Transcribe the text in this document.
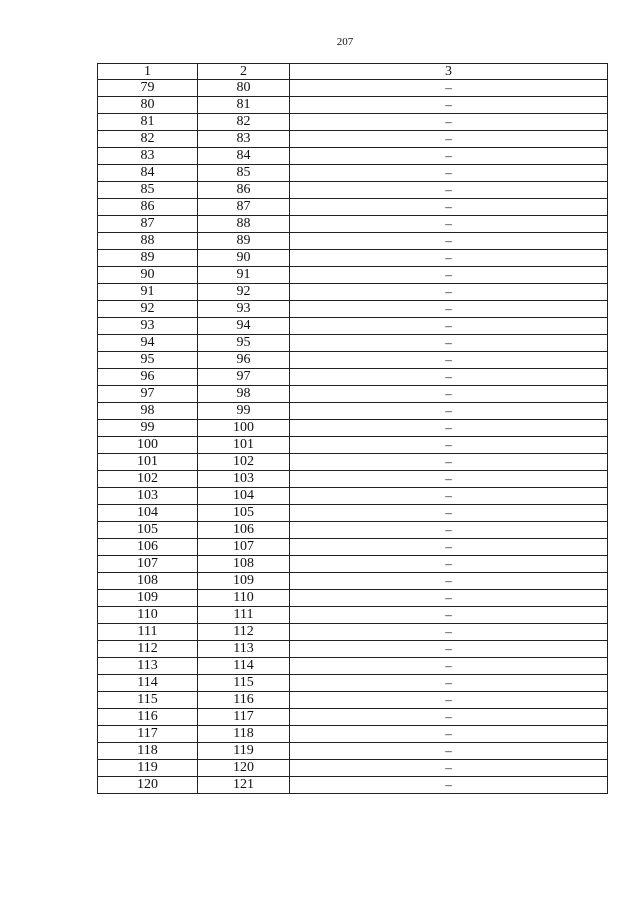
207
1	2	3
79	80	–
80	81	–
81	82	–
82	83	–
83	84	–
84	85	–
85	86	–
86	87	–
87	88	–
88	89	–
89	90	–
90	91	–
91	92	–
92	93	–
93	94	–
94	95	–
95	96	–
96	97	–
97	98	–
98	99	–
99	100	–
100	101	–
101	102	–
102	103	–
103	104	–
104	105	–
105	106	–
106	107	–
107	108	–
108	109	–
109	110	–
110	111	–
111	112	–
112	113	–
113	114	–
114	115	–
115	116	–
116	117	–
117	118	–
118	119	–
119	120	–
120	121	–
